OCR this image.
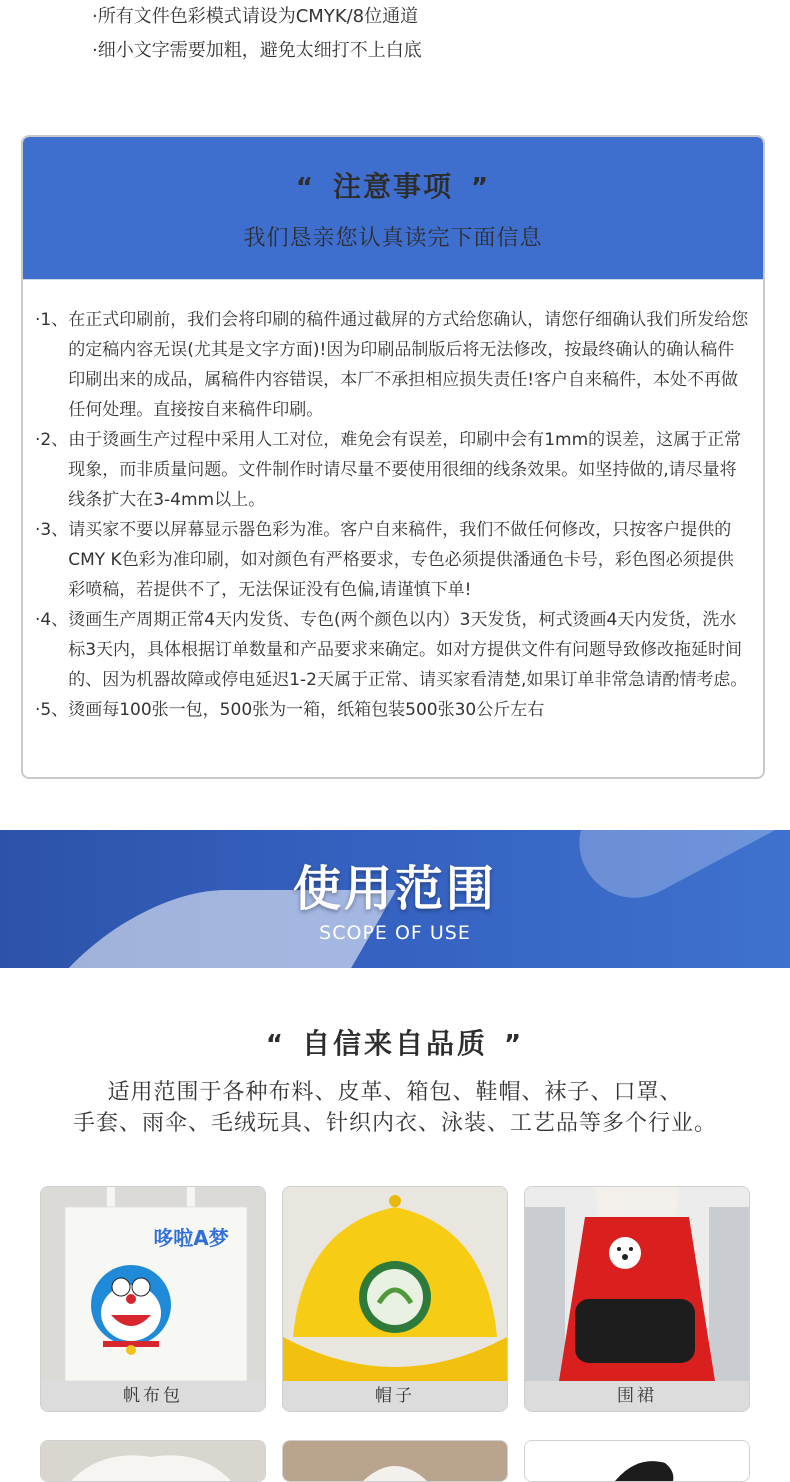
·所有文件色彩模式请设为CMYK/8位通道
·细小文字需要加粗，避免太细打不上白底
“ 注意事项 ”
我们恳亲您认真读完下面信息
·1、 在正式印刷前，我们会将印刷的稿件通过截屏的方式给您确认，请您仔细确认我们所发给您的定稿内容无误(尤其是文字方面)!因为印刷品制版后将无法修改，按最终确认的确认稿件印刷出来的成品，属稿件内容错误，本厂不承担相应损失责任!客户自来稿件，本处不再做任何处理。直接按自来稿件印刷。
·2、 由于烫画生产过程中采用人工对位，难免会有误差，印刷中会有1mm的误差，这属于正常现象，而非质量问题。文件制作时请尽量不要使用很细的线条效果。如坚持做的,请尽量将线条扩大在3-4mm以上。
·3、 请买家不要以屏幕显示器色彩为准。客户自来稿件，我们不做任何修改，只按客户提供的CMY K色彩为准印刷，如对颜色有严格要求，专色必须提供潘通色卡号，彩色图必须提供彩喷稿，若提供不了，无法保证没有色偏,请谨慎下单!
·4、 烫画生产周期正常4天内发货、专色(两个颜色以内）3天发货，柯式烫画4天内发货，洗水标3天内，具体根据订单数量和产品要求来确定。如对方提供文件有问题导致修改拖延时间的、因为机器故障或停电延迟1-2天属于正常、请买家看清楚,如果订单非常急请酌情考虑。
·5、 烫画每100张一包，500张为一箱，纸箱包装500张30公斤左右
使用范围
SCOPE OF USE
“ 自信来自品质 ”
适用范围于各种布料、皮革、箱包、鞋帽、袜子、口罩、
手套、雨伞、毛绒玩具、针织内衣、泳装、工艺品等多个行业。
哆啦A梦
帆布包	帽子	围裙
